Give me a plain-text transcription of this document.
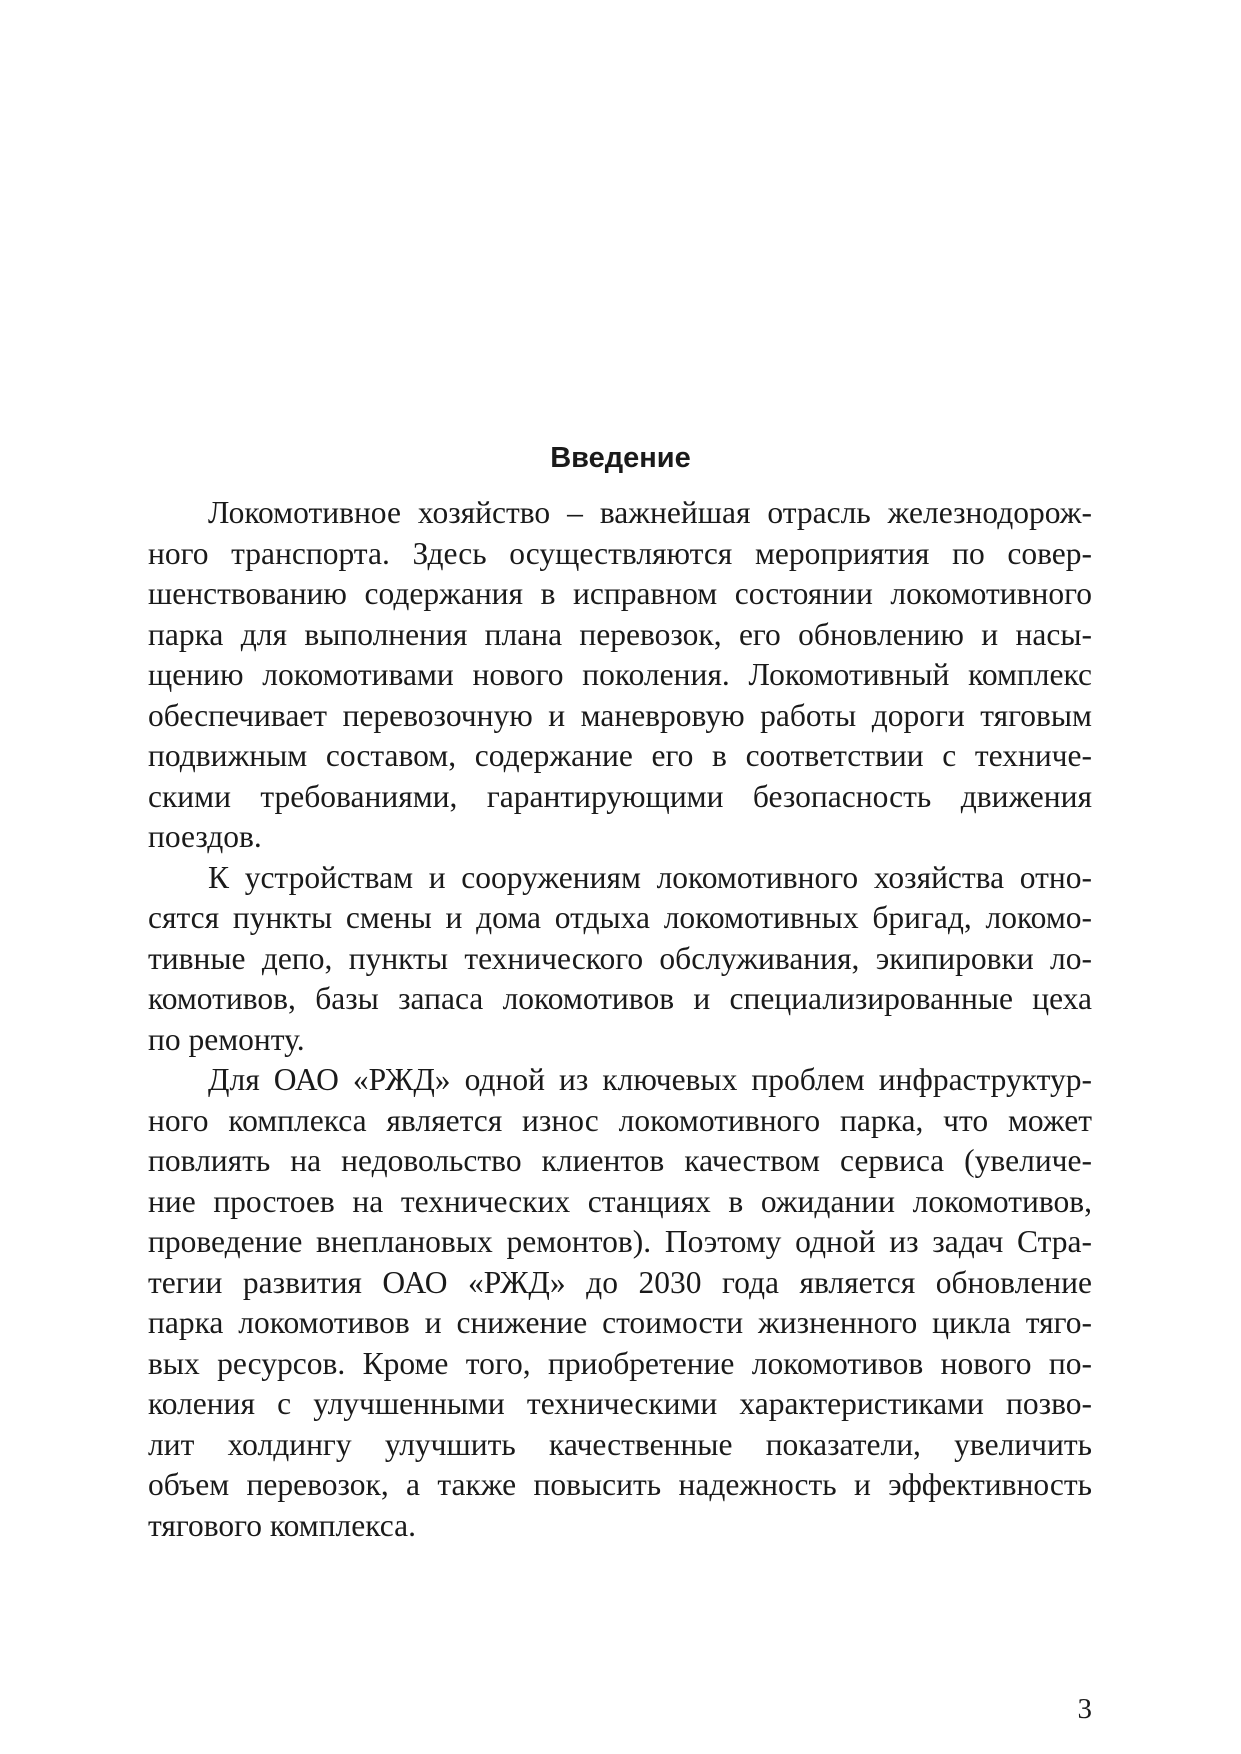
Введение
Локомотивное хозяйство – важнейшая отрасль железнодорож-
ного транспорта. Здесь осуществляются мероприятия по совер-
шенствованию содержания в исправном состоянии локомотивного
парка для выполнения плана перевозок, его обновлению и насы-
щению локомотивами нового поколения. Локомотивный комплекс
обеспечивает перевозочную и маневровую работы дороги тяговым
подвижным составом, содержание его в соответствии с техниче-
скими требованиями, гарантирующими безопасность движения
поездов.
К устройствам и сооружениям локомотивного хозяйства отно-
сятся пункты смены и дома отдыха локомотивных бригад, локомо-
тивные депо, пункты технического обслуживания, экипировки ло-
комотивов, базы запаса локомотивов и специализированные цеха
по ремонту.
Для ОАО «РЖД» одной из ключевых проблем инфраструктур-
ного комплекса является износ локомотивного парка, что может
повлиять на недовольство клиентов качеством сервиса (увеличе-
ние простоев на технических станциях в ожидании локомотивов,
проведение внеплановых ремонтов). Поэтому одной из задач Стра-
тегии развития ОАО «РЖД» до 2030 года является обновление
парка локомотивов и снижение стоимости жизненного цикла тяго-
вых ресурсов. Кроме того, приобретение локомотивов нового по-
коления с улучшенными техническими характеристиками позво-
лит холдингу улучшить качественные показатели, увеличить
объем перевозок, а также повысить надежность и эффективность
тягового комплекса.
3
